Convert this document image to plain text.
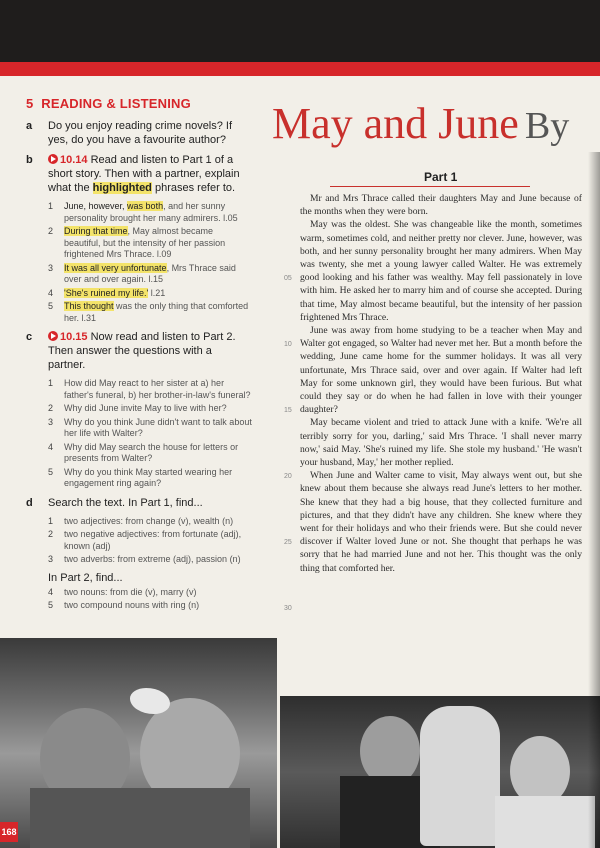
5 READING & LISTENING
a	Do you enjoy reading crime novels? If yes, do you have a favourite author?
b	10.14 Read and listen to Part 1 of a short story. Then with a partner, explain what the highlighted phrases refer to.
1	June, however, was both, and her sunny personality brought her many admirers. l.05
2	During that time, May almost became beautiful, but the intensity of her passion frightened Mrs Thrace. l.09
3	It was all very unfortunate, Mrs Thrace said over and over again. l.15
4	'She's ruined my life.' l.21
5	This thought was the only thing that comforted her. l.31
c	10.15 Now read and listen to Part 2. Then answer the questions with a partner.
1	How did May react to her sister at a) her father's funeral, b) her brother-in-law's funeral?
2	Why did June invite May to live with her?
3	Why do you think June didn't want to talk about her life with Walter?
4	Why did May search the house for letters or presents from Walter?
5	Why do you think May started wearing her engagement ring again?
d	Search the text. In Part 1, find...
1	two adjectives: from change (v), wealth (n)
2	two negative adjectives: from fortunate (adj), known (adj)
3	two adverbs: from extreme (adj), passion (n)
In Part 2, find...
4	two nouns: from die (v), marry (v)
5	two compound nouns with ring (n)
May and June By
Part 1
05
10
15
20
25
30

Mr and Mrs Thrace called their daughters May and June because of the months when they were born.

May was the oldest. She was changeable like the month, sometimes warm, sometimes cold, and neither pretty nor clever. June, however, was both, and her sunny personality brought her many admirers. When May was twenty, she met a young lawyer called Walter. He was extremely good looking and his father was wealthy. May fell passionately in love with him. He asked her to marry him and of course she accepted. During that time, May almost became beautiful, but the intensity of her passion frightened Mrs Thrace.

June was away from home studying to be a teacher when May and Walter got engaged, so Walter had never met her. But a month before the wedding, June came home for the summer holidays. It was all very unfortunate, Mrs Thrace said, over and over again. If Walter had left May for some unknown girl, they would have been furious. But what could they say or do when he had fallen in love with their younger daughter?

May became violent and tried to attack June with a knife. 'We're all terribly sorry for you, darling,' said Mrs Thrace. 'I shall never marry now,' said May. 'She's ruined my life. She stole my husband.' 'He wasn't your husband, May,' her mother replied.

When June and Walter came to visit, May always went out, but she knew about them because she always read June's letters to her mother. She knew that they had a big house, that they collected furniture and pictures, and that they didn't have any children. She knew where they went for their holidays and who their friends were. But she could never discover if Walter loved June or not. She thought that perhaps he was sorry that he had married June and not her. This thought was the only thing that comforted her.

168
